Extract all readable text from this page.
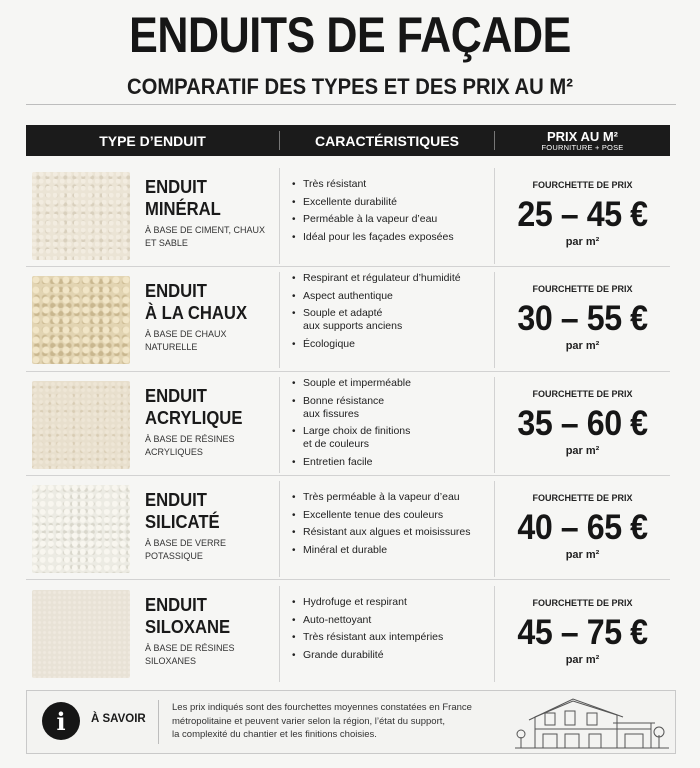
ENDUITS DE FAÇADE
COMPARATIF DES TYPES ET DES PRIX AU M²
TYPE D’ENDUIT	CARACTÉRISTIQUES	PRIX AU M²
FOURNITURE + POSE
ENDUIT
MINÉRAL
À BASE DE CIMENT, CHAUX ET SABLE
• Très résistant
• Excellente durabilité
• Perméable à la vapeur d’eau
• Idéal pour les façades exposées
FOURCHETTE DE PRIX
25 – 45 €
par m²
ENDUIT
À LA CHAUX
À BASE DE CHAUX NATURELLE
• Respirant et régulateur d’humidité
• Aspect authentique
• Souple et adapté
aux supports anciens
• Écologique
FOURCHETTE DE PRIX
30 – 55 €
par m²
ENDUIT
ACRYLIQUE
À BASE DE RÉSINES ACRYLIQUES
• Souple et imperméable
• Bonne résistance
aux fissures
• Large choix de finitions
et de couleurs
• Entretien facile
FOURCHETTE DE PRIX
35 – 60 €
par m²
ENDUIT
SILICATÉ
À BASE DE VERRE POTASSIQUE
• Très perméable à la vapeur d’eau
• Excellente tenue des couleurs
• Résistant aux algues et moisissures
• Minéral et durable
FOURCHETTE DE PRIX
40 – 65 €
par m²
ENDUIT
SILOXANE
À BASE DE RÉSINES SILOXANES
• Hydrofuge et respirant
• Auto-nettoyant
• Très résistant aux intempéries
• Grande durabilité
FOURCHETTE DE PRIX
45 – 75 €
par m²
i	À SAVOIR
Les prix indiqués sont des fourchettes moyennes constatées en France
métropolitaine et peuvent varier selon la région, l’état du support,
la complexité du chantier et les finitions choisies.
